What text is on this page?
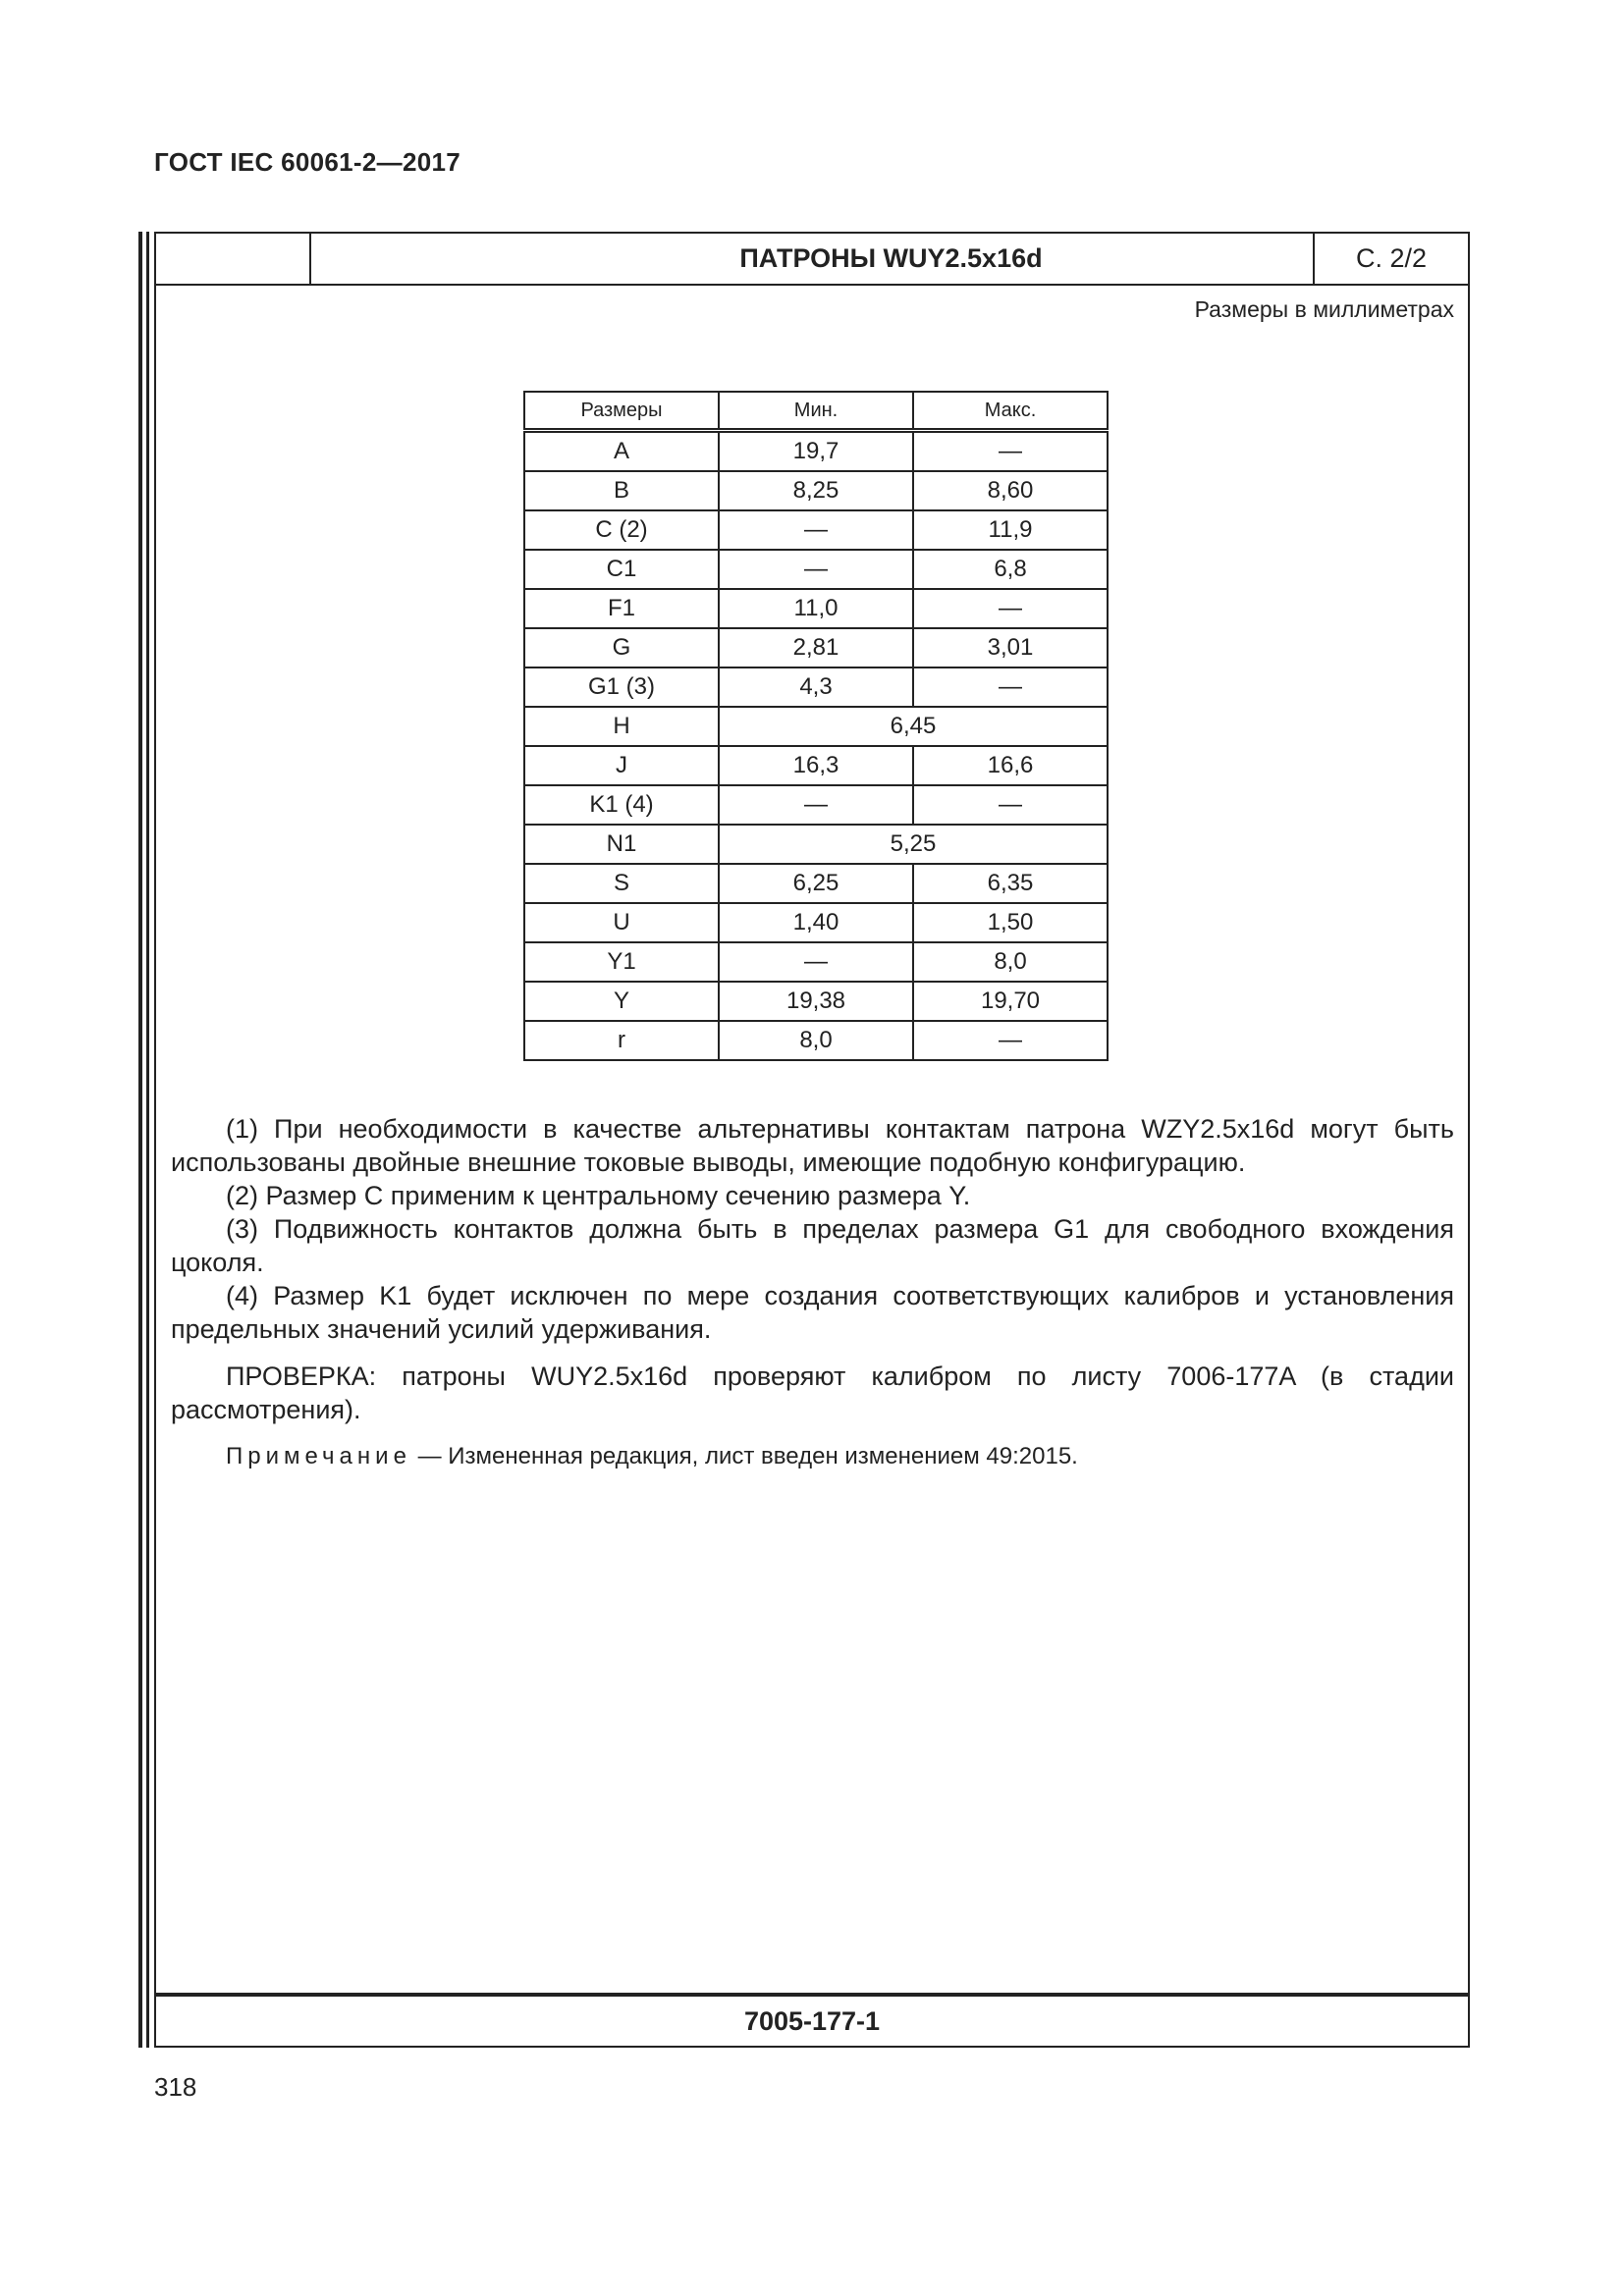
ГОСТ IEC 60061-2—2017
ПАТРОНЫ WUY2.5x16d	С. 2/2
Размеры в миллиметрах
Размеры	Мин.	Макс.
A	19,7	—
B	8,25	8,60
C (2)	—	11,9
C1	—	6,8
F1	11,0	—
G	2,81	3,01
G1 (3)	4,3	—
H	6,45	
J	16,3	16,6
K1 (4)	—	—
N1	5,25	
S	6,25	6,35
U	1,40	1,50
Y1	—	8,0
Y	19,38	19,70
r	8,0	—

(1) При необходимости в качестве альтернативы контактам патрона WZY2.5x16d могут быть использованы двойные внешние токовые выводы, имеющие подобную конфигурацию.

(2) Размер C применим к центральному сечению размера Y.

(3) Подвижность контактов должна быть в пределах размера G1 для свободного вхождения цоколя.

(4) Размер K1 будет исключен по мере создания соответствующих калибров и установления предельных значений усилий удерживания.

ПРОВЕРКА: патроны WUY2.5x16d проверяют калибром по листу 7006-177A (в стадии рассмотрения).

Примечание — Измененная редакция, лист введен изменением 49:2015.

7005-177-1
318
